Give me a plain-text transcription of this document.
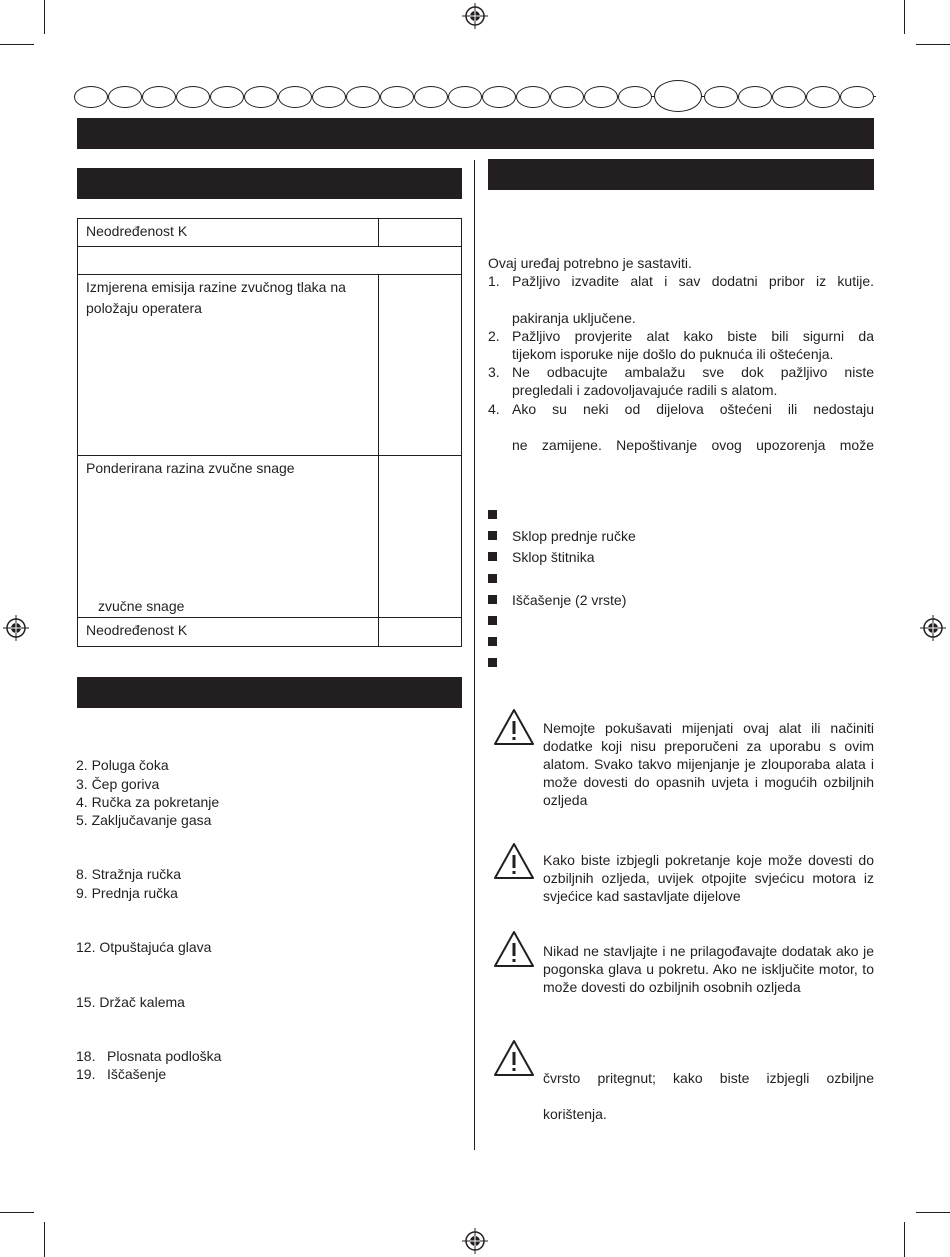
Neodređenost K	

Izmjerena emisija razine zvučnog tlaka na položaju operatera	

Ponderirana razina zvučne snage
zvučne snage	

Neodređenost K	
2. Poluga čoka
3. Čep goriva
4. Ručka za pokretanje
5. Zaključavanje gasa
8. Stražnja ručka
9. Prednja ručka
12. Otpuštajuća glava
15. Držač kalema
18. Plosnata podloška
19. Iščašenje
Ovaj uređaj potrebno je sastaviti.
1. Pažljivo izvadite alat i sav dodatni pribor iz kutije.
pakiranja uključene.
2. Pažljivo provjerite alat kako biste bili sigurni da
tijekom isporuke nije došlo do puknuća ili oštećenja.
3. Ne odbacujte ambalažu sve dok pažljivo niste
pregledali i zadovoljavajuće radili s alatom.
4. Ako su neki od dijelova oštećeni ili nedostaju
ne zamijene. Nepoštivanje ovog upozorenja može
Sklop prednje ručke
Sklop štitnika
Iščašenje (2 vrste)
Nemojte pokušavati mijenjati ovaj alat ili načiniti dodatke koji nisu preporučeni za uporabu s ovim alatom. Svako takvo mijenjanje je zlouporaba alata i može dovesti do opasnih uvjeta i mogućih ozbiljnih ozljeda
Kako biste izbjegli pokretanje koje može dovesti do ozbiljnih ozljeda, uvijek otpojite svjećicu motora iz svjećice kad sastavljate dijelove
Nikad ne stavljajte i ne prilagođavajte dodatak ako je pogonska glava u pokretu. Ako ne isključite motor, to može dovesti do ozbiljnih osobnih ozljeda
čvrsto pritegnut; kako biste izbjegli ozbiljne
korištenja.
